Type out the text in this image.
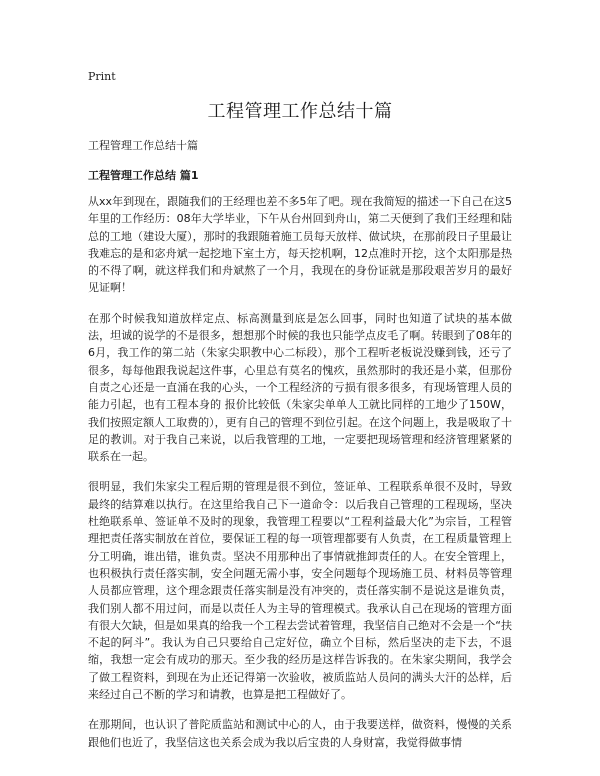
Print
工程管理工作总结十篇
工程管理工作总结十篇
工程管理工作总结 篇1

从xx年到现在，跟随我们的王经理也差不多5年了吧。现在我简短的描述一下自己在这5年里的工作经历：08年大学毕业，下午从台州回到舟山，第二天便到了我们王经理和陆总的工地（建设大厦），那时的我跟随着施工员每天放样、做试块，在那前段日子里最让我难忘的是和宓舟斌一起挖地下室土方，每天挖机啊，12点准时开挖，这个太阳那是热的不得了啊，就这样我们和舟斌熬了一个月，我现在的身份证就是那段艰苦岁月的最好见证啊！

在那个时候我知道放样定点、标高测量到底是怎么回事，同时也知道了试块的基本做法，坦诚的说学的不是很多，想想那个时候的我也只能学点皮毛了啊。转眼到了08年的6月，我工作的第二站（朱家尖职教中心二标段），那个工程听老板说没赚到钱，还亏了很多，每每他跟我说起这件事，心里总有莫名的愧疚，虽然那时的我还是小菜，但那份自责之心还是一直涌在我的心头，一个工程经济的亏损有很多很多，有现场管理人员的能力引起，也有工程本身的 报价比较低（朱家尖单单人工就比同样的工地少了150W，我们按照定额人工取费的），更有自己的管理不到位引起。在这个问题上，我是吸取了十足的教训。对于我自己来说，以后我管理的工地，一定要把现场管理和经济管理紧紧的联系在一起。

很明显，我们朱家尖工程后期的管理是很不到位，签证单、工程联系单很不及时，导致最终的结算难以执行。在这里给我自己下一道命令：以后我自己管理的工程现场，坚决杜绝联系单、签证单不及时的现象，我管理工程要以“工程利益最大化”为宗旨，工程管理把责任落实制放在首位，要保证工程的每一项管理都要有人负责，在工程质量管理上分工明确，谁出错，谁负责。坚决不用那种出了事情就推卸责任的人。在安全管理上，也积极执行责任落实制，安全问题无需小事，安全问题每个现场施工员、材料员等管理人员都应管理，这个理念跟责任落实制是没有冲突的，责任落实制不是说这是谁负责，我们别人都不用过问，而是以责任人为主导的管理模式。我承认自己在现场的管理方面有很大欠缺，但是如果真的给我一个工程去尝试着管理，我坚信自己绝对不会是一个“扶不起的阿斗”。我认为自己只要给自己定好位，确立个目标，然后坚决的走下去，不退缩，我想一定会有成功的那天。至少我的经历是这样告诉我的。在朱家尖期间，我学会了做工程资料，到现在为止还记得第一次验收，被质监站人员问的满头大汗的怂样，后来经过自己不断的学习和请教，也算是把工程做好了。

在那期间，也认识了普陀质监站和测试中心的人，由于我要送样，做资料，慢慢的关系跟他们也近了，我坚信这也关系会成为我以后宝贵的人身财富，我觉得做事情
